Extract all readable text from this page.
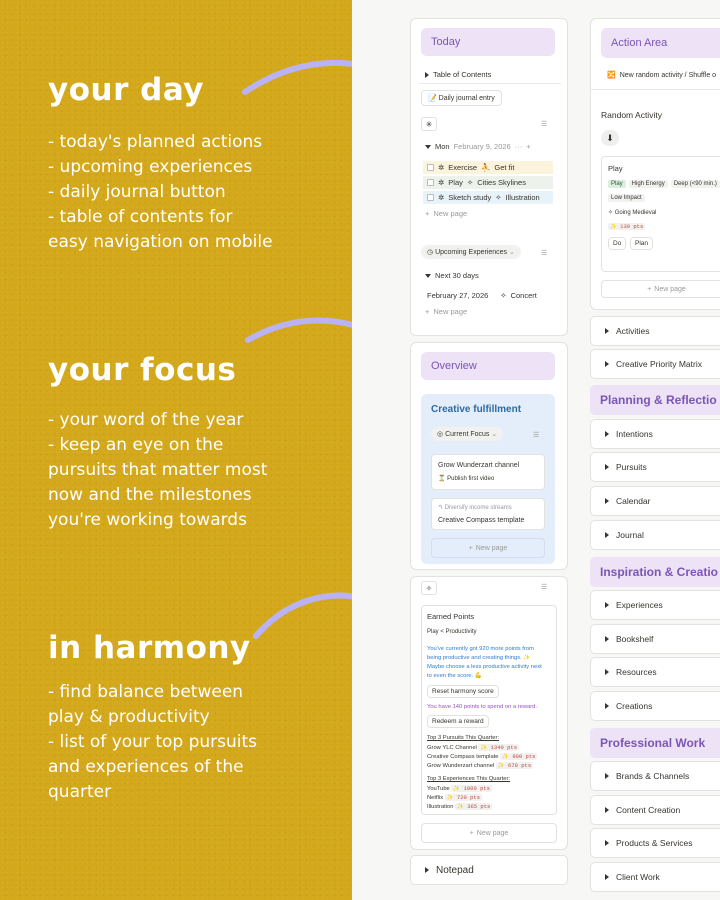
your day
- today's planned actions
- upcoming experiences
- daily journal button
- table of contents for
easy navigation on mobile
your focus
- your word of the year
- keep an eye on the
pursuits that matter most
now and the milestones
you're working towards
in harmony
- find balance between
play & productivity
- list of your top pursuits
and experiences of the
quarter
Today
Table of Contents
📝 Daily journal entry
✳	☰
Mon February 9, 2026 ··· +
✲ Exercise ⛹ Get fit
✲ Play ✧ Cities Skylines
✲ Sketch study ✧ Illustration
+ New page
◷ Upcoming Experiences ⌄	☰
Next 30 days
February 27, 2026 ✧ Concert
+ New page
Overview
Creative fulfillment
◎ Current Focus ⌄	☰
Grow Wunderzart channel
⏳ Publish first video
↰ Diversify income streams
Creative Compass template
+ New page
✧	☰
Earned Points
Play < Productivity
You've currently got 920 more points from
being productive and creating things. ✨
Maybe choose a less productive activity next
to even the score. 💪
Reset harmony score
You have 140 points to spend on a reward.
Redeem a reward
Top 3 Pursuits This Quarter:
Grow YLC Channel ✨ 1340 pts
Creative Compass template ✨ 900 pts
Grow Wunderzart channel ✨ 670 pts
Top 3 Experiences This Quarter:
YouTube ✨ 1000 pts
Netflix ✨ 720 pts
Illustration ✨ 365 pts
+ New page
Notepad
Action Area
🔀 New random activity / Shuffle o
Random Activity
⬇
Play
Play	High Energy	Deep (<90 min.)
Low Impact
✧ Going Medieval
✨ 130 pts
Do	Plan
+ New page
Activities
Creative Priority Matrix
Planning & Reflectio
Intentions
Pursuits
Calendar
Journal
Inspiration & Creatio
Experiences
Bookshelf
Resources
Creations
Professional Work
Brands & Channels
Content Creation
Products & Services
Client Work
